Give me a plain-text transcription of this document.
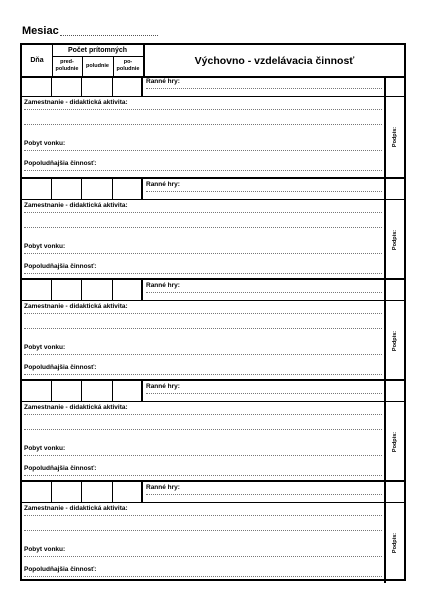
Mesiac
Dňa
Počet prítomných
pred-
poludnie
poludnie
po-
poludnie
Výchovno - vzdelávacia činnosť
Ranné hry:
Zamestnanie - didaktická aktivita:
Pobyt vonku:
Popoludňajšia činnosť:
Podpis:
Ranné hry:
Zamestnanie - didaktická aktivita:
Pobyt vonku:
Popoludňajšia činnosť:
Podpis:
Ranné hry:
Zamestnanie - didaktická aktivita:
Pobyt vonku:
Popoludňajšia činnosť:
Podpis:
Ranné hry:
Zamestnanie - didaktická aktivita:
Pobyt vonku:
Popoludňajšia činnosť:
Podpis:
Ranné hry:
Zamestnanie - didaktická aktivita:
Pobyt vonku:
Popoludňajšia činnosť:
Podpis:
